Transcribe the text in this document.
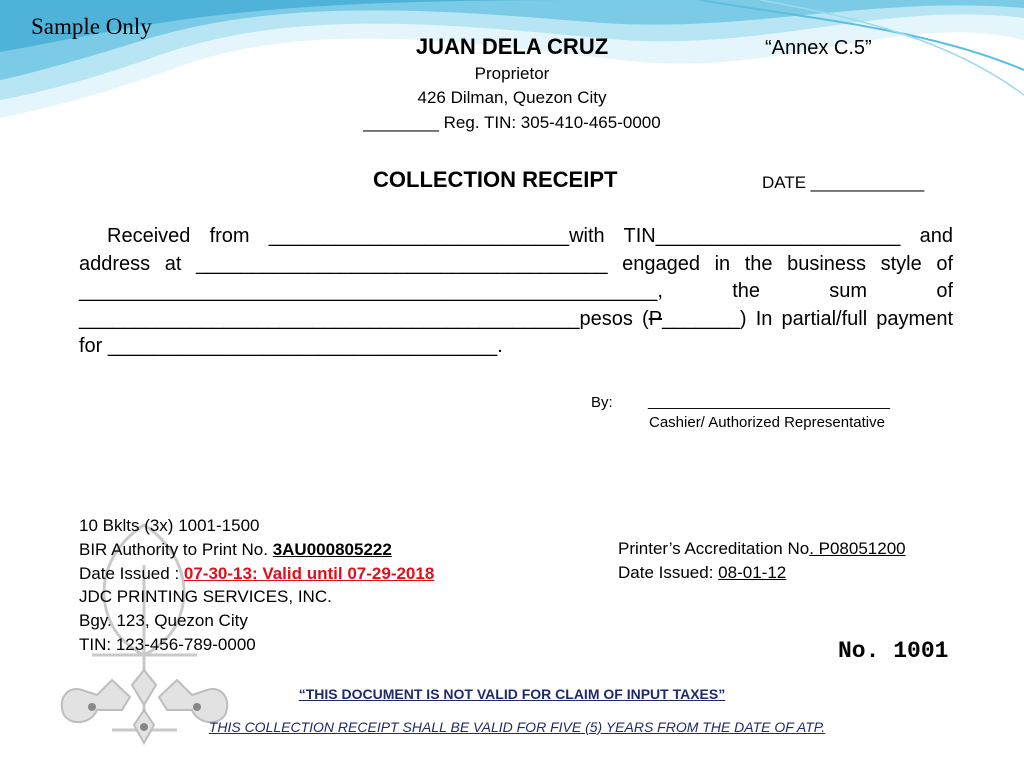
Sample Only
“Annex C.5”
JUAN DELA CRUZ
Proprietor
426 Dilman, Quezon City
________ Reg. TIN: 305-410-465-0000
COLLECTION RECEIPT	DATE ____________
Received from ___________________________with TIN______________________ and address at _____________________________________ engaged in the business style of ____________________________________________________, the sum of _____________________________________________pesos (P_______) In partial/full payment for ___________________________________.
By: _____________________________
Cashier/ Authorized Representative
10 Bklts (3x) 1001-1500
BIR Authority to Print No. 3AU000805222
Date Issued : 07-30-13: Valid until 07-29-2018
JDC PRINTING SERVICES, INC.
Bgy. 123, Quezon City
TIN: 123-456-789-0000
Printer’s Accreditation No. P08051200
Date Issued: 08-01-12
No. 1001
“THIS DOCUMENT IS NOT VALID FOR CLAIM OF INPUT TAXES”
THIS COLLECTION RECEIPT SHALL BE VALID FOR FIVE (5) YEARS FROM THE DATE OF ATP.
